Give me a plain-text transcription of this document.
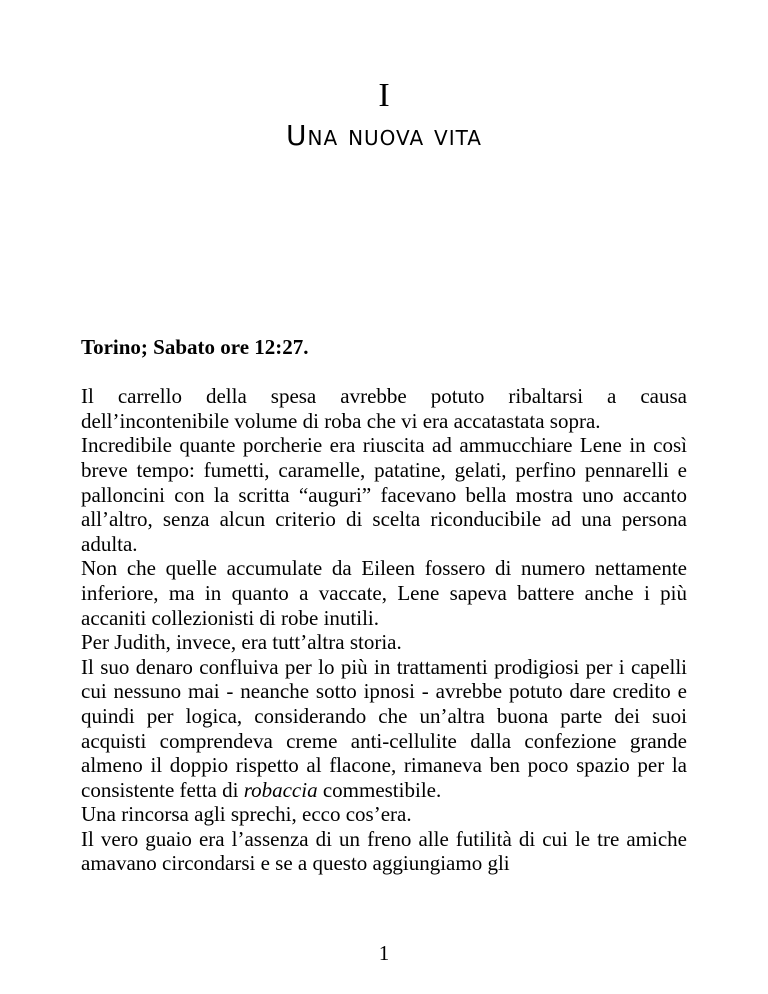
I
Una nuova vita

Torino; Sabato ore 12:27.

Il carrello della spesa avrebbe potuto ribaltarsi a causa dell’incontenibile volume di roba che vi era accatastata sopra.

Incredibile quante porcherie era riuscita ad ammucchiare Lene in così breve tempo: fumetti, caramelle, patatine, gelati, perfino pennarelli e palloncini con la scritta “auguri” facevano bella mostra uno accanto all’altro, senza alcun criterio di scelta riconducibile ad una persona adulta.

Non che quelle accumulate da Eileen fossero di numero nettamente inferiore, ma in quanto a vaccate, Lene sapeva battere anche i più accaniti collezionisti di robe inutili.

Per Judith, invece, era tutt’altra storia.

Il suo denaro confluiva per lo più in trattamenti prodigiosi per i capelli cui nessuno mai - neanche sotto ipnosi - avrebbe potuto dare credito e quindi per logica, considerando che un’altra buona parte dei suoi acquisti comprendeva creme anti-cellulite dalla confezione grande almeno il doppio rispetto al flacone, rimaneva ben poco spazio per la consistente fetta di robaccia commestibile.

Una rincorsa agli sprechi, ecco cos’era.

Il vero guaio era l’assenza di un freno alle futilità di cui le tre amiche amavano circondarsi e se a questo aggiungiamo gli

1
